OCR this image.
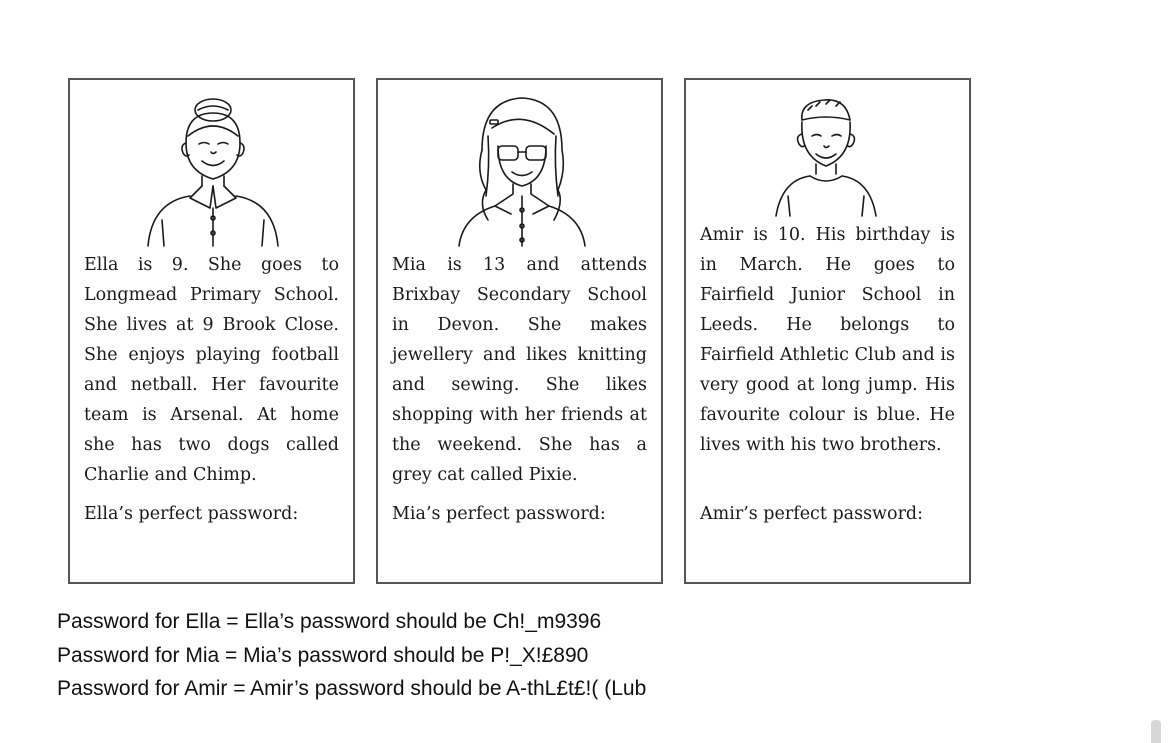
Ella is 9. She goes to Longmead Primary School. She lives at 9 Brook Close. She enjoys playing football and netball. Her favourite team is Arsenal. At home she has two dogs called Charlie and Chimp.
Ella’s perfect password:
Mia is 13 and attends Brixbay Secondary School in Devon. She makes jewellery and likes knitting and sewing. She likes shopping with her friends at the weekend. She has a grey cat called Pixie.
Mia’s perfect password:
Amir is 10. His birthday is in March. He goes to Fairfield Junior School in Leeds. He belongs to Fairfield Athletic Club and is very good at long jump. His favourite colour is blue. He lives with his two brothers.
Amir’s perfect password:
Password for Ella = Ella’s password should be Ch!_m9396
Password for Mia = Mia’s password should be P!_X!£890
Password for Amir = Amir’s password should be A-thL£t£!( (Lub
